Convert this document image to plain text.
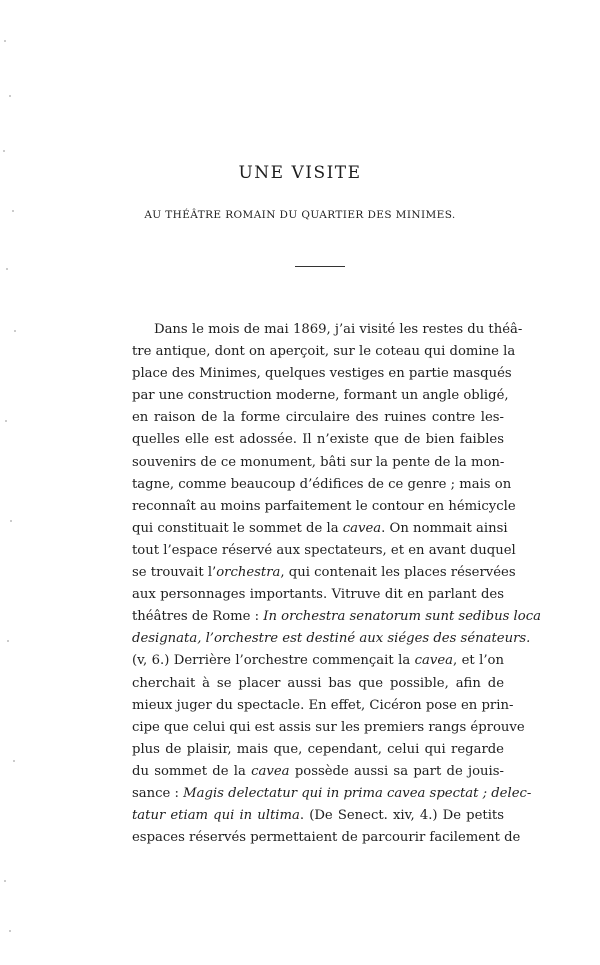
UNE VISITE
AU THÉÂTRE ROMAIN DU QUARTIER DES MINIMES.
Dans le mois de mai 1869, j’ai visité les restes du théâ-
tre antique, dont on aperçoit, sur le coteau qui domine la
place des Minimes, quelques vestiges en partie masqués
par une construction moderne, formant un angle obligé,
en raison de la forme circulaire des ruines contre les-
quelles elle est adossée. Il n’existe que de bien faibles
souvenirs de ce monument, bâti sur la pente de la mon-
tagne, comme beaucoup d’édifices de ce genre ; mais on
reconnaît au moins parfaitement le contour en hémicycle
qui constituait le sommet de la cavea. On nommait ainsi
tout l’espace réservé aux spectateurs, et en avant duquel
se trouvait l’orchestra, qui contenait les places réservées
aux personnages importants. Vitruve dit en parlant des
théâtres de Rome : In orchestra senatorum sunt sedibus loca
designata, l’orchestre est destiné aux siéges des sénateurs.
(v, 6.) Derrière l’orchestre commençait la cavea, et l’on
cherchait à se placer aussi bas que possible, afin de
mieux juger du spectacle. En effet, Cicéron pose en prin-
cipe que celui qui est assis sur les premiers rangs éprouve
plus de plaisir, mais que, cependant, celui qui regarde
du sommet de la cavea possède aussi sa part de jouis-
sance : Magis delectatur qui in prima cavea spectat ; delec-
tatur etiam qui in ultima. (De Senect. xiv, 4.) De petits
espaces réservés permettaient de parcourir facilement de
